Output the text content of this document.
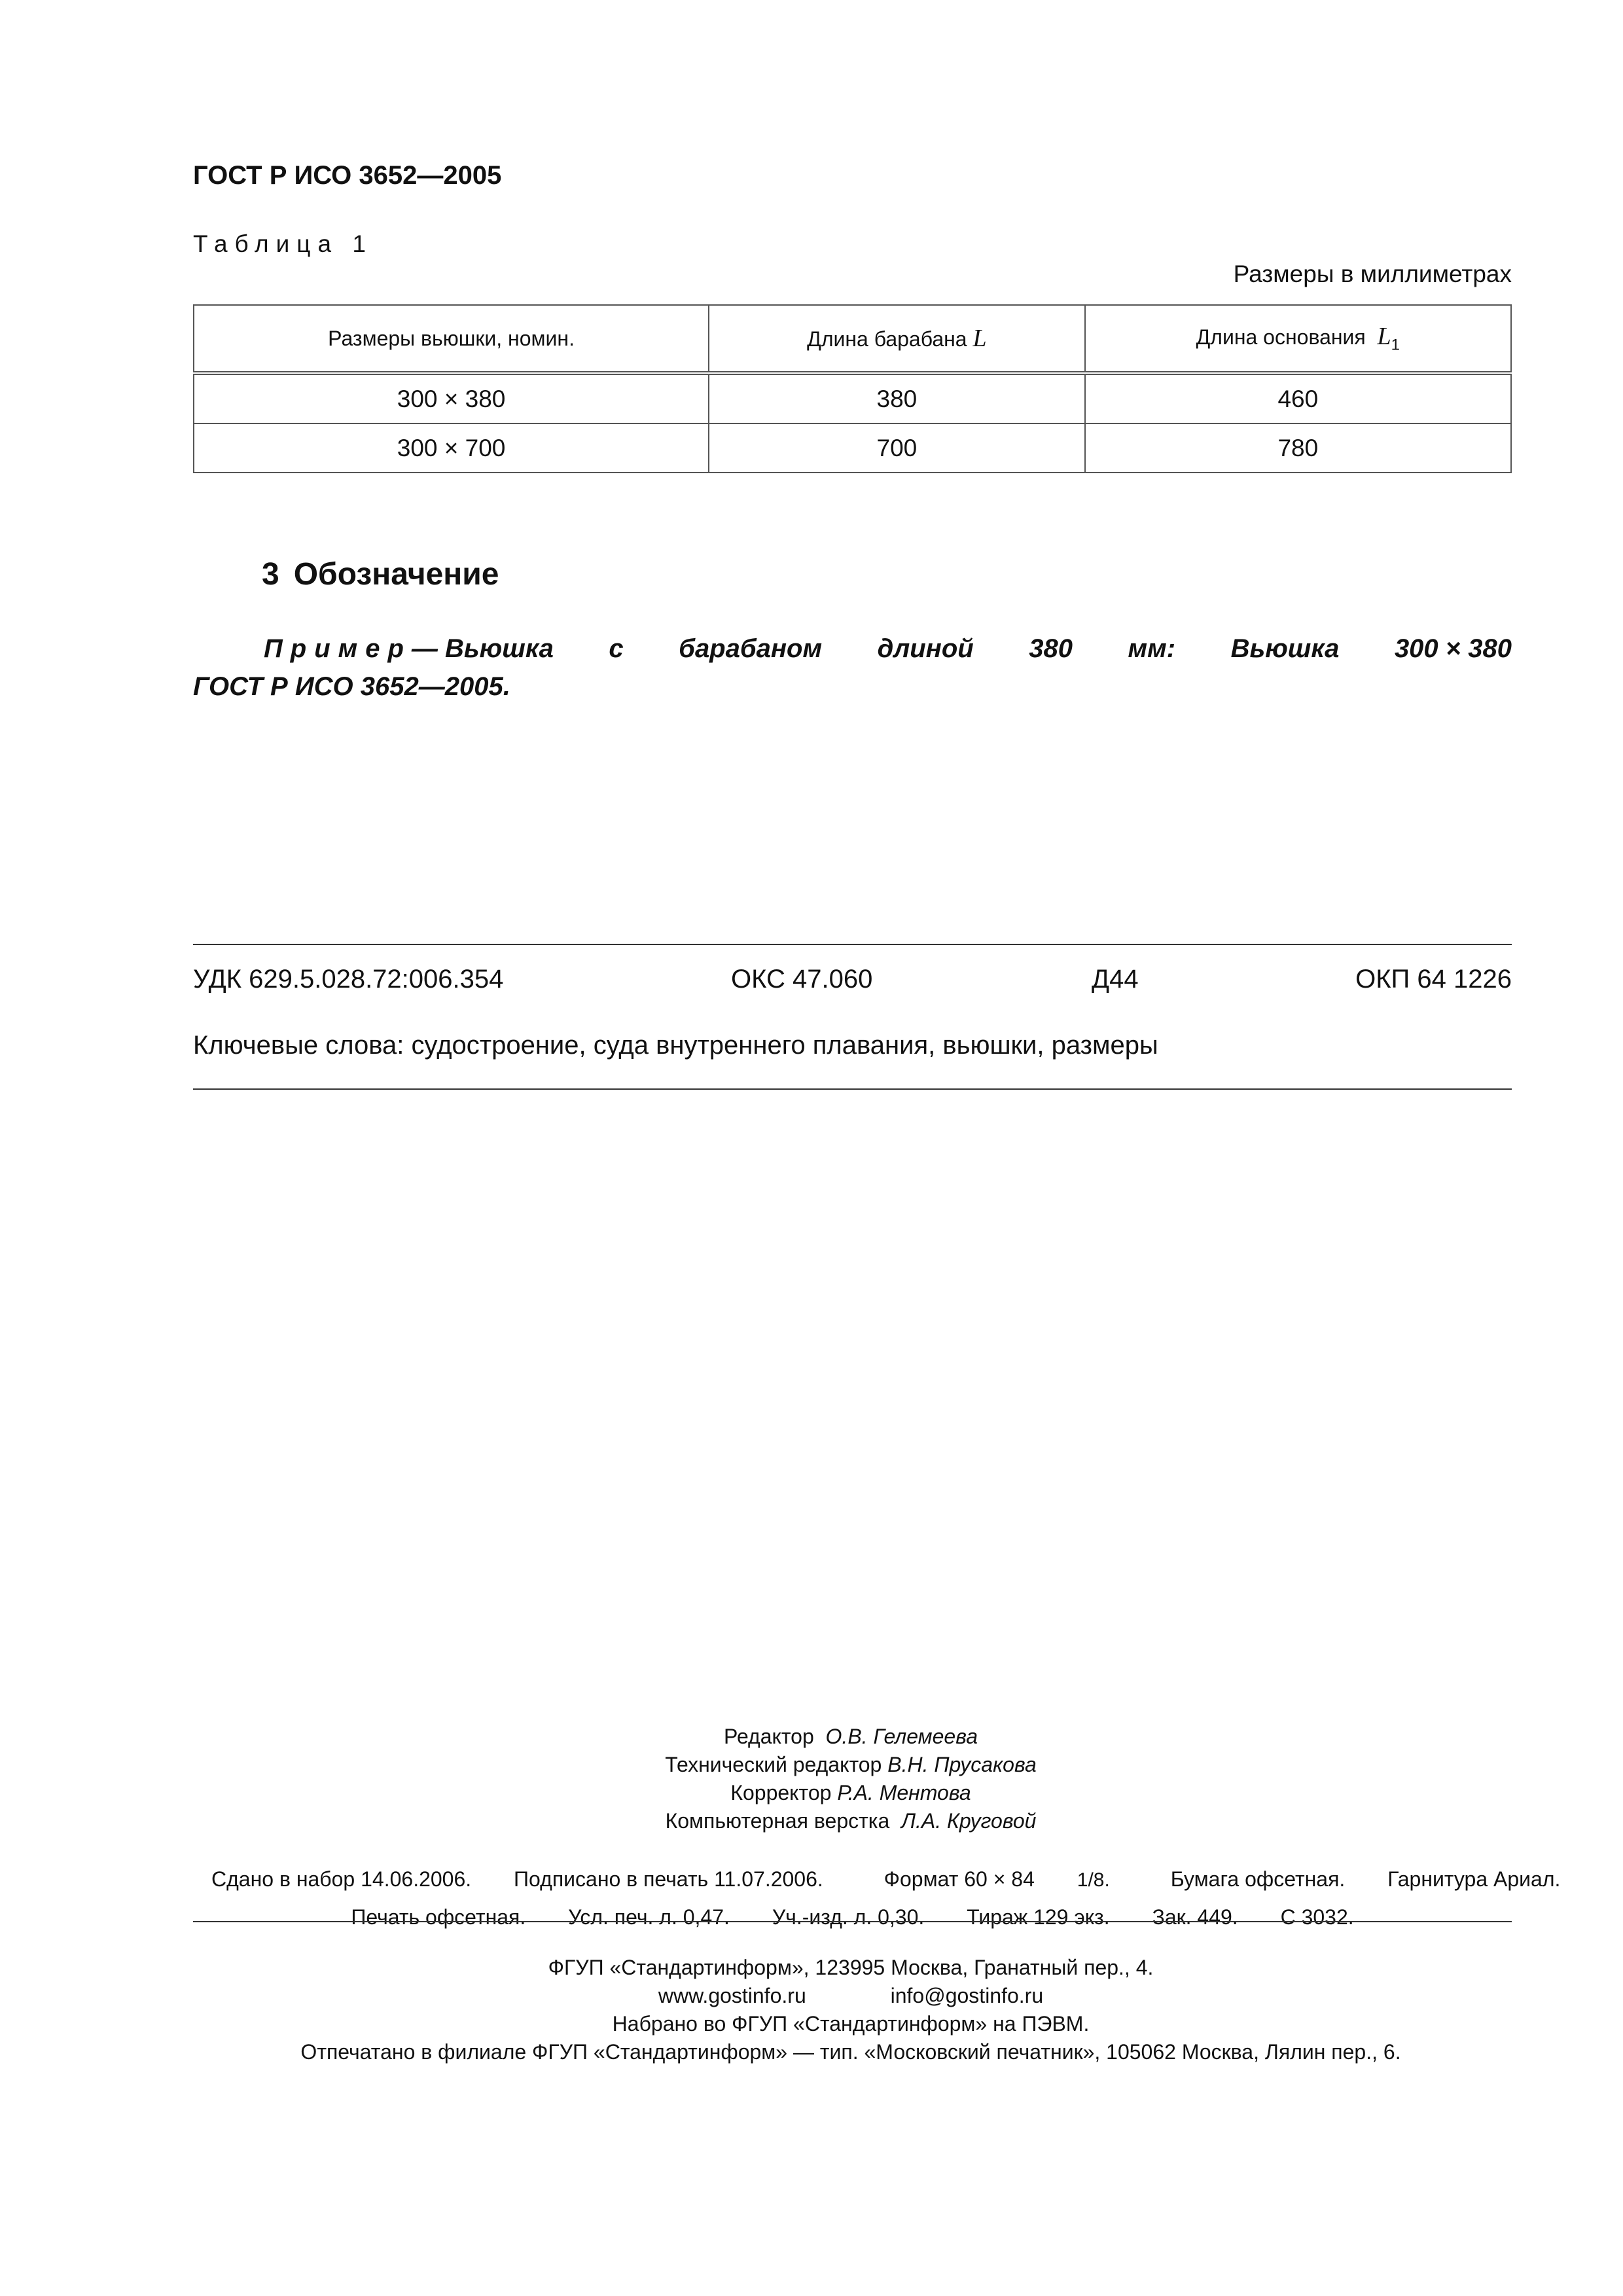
ГОСТ Р ИСО 3652—2005
Таблица 1
Размеры в миллиметрах
Размеры вьюшки, номин.	Длина барабана L	Длина основания $L_1$
300 × 380	380	460
300 × 700	700	780
3 Обозначение
Пример— Вьюшка с барабаном длиной 380 мм: Вьюшка 300 × 380
ГОСТ Р ИСО 3652—2005.
УДК 629.5.028.72:006.354	ОКС 47.060	Д44	ОКП 64 1226
Ключевые слова: судостроение, суда внутреннего плавания, вьюшки, размеры
Редактор О.В. Гелемеева
Технический редактор В.Н. Прусакова
Корректор Р.А. Ментова
Компьютерная верстка Л.А. Круговой
Сдано в набор 14.06.2006. Подписано в печать 11.07.2006.	Формат 60 × 84 1/8.	Бумага офсетная. Гарнитура Ариал.
Печать офсетная. Усл. печ. л. 0,47. Уч.-изд. л. 0,30. Тираж 129 экз. Зак. 449. С 3032.
ФГУП «Стандартинформ», 123995 Москва, Гранатный пер., 4.
www.gostinfo.ru	info@gostinfo.ru
Набрано во ФГУП «Стандартинформ» на ПЭВМ.
Отпечатано в филиале ФГУП «Стандартинформ» — тип. «Московский печатник», 105062 Москва, Лялин пер., 6.
